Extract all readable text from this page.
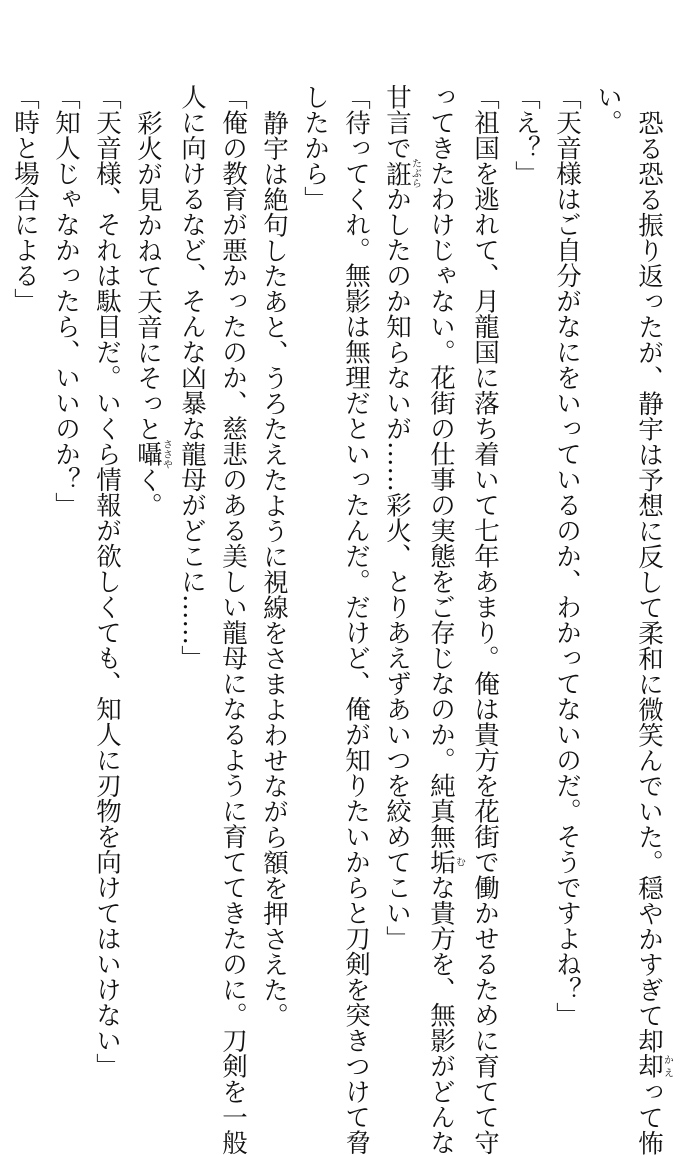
恐る恐る振り返ったが、静宇は予想に反して柔和に微笑んでいた。穏やかすぎて却却かえって怖
い。
「天音様はご自分がなにをいっているのか、わかってないのだ。そうですよね？」
「え？」
「祖国を逃れて、月龍国に落ち着いて七年あまり。俺は貴方を花街で働かせるために育てて守
ってきたわけじゃない。花街の仕事の実態をご存じなのか。純真無垢むな貴方を、無影がどんな
甘言で誑たぶらかしたのか知らないが……彩火、とりあえずあいつを絞めてこい」
「待ってくれ。無影は無理だといったんだ。だけど、俺が知りたいからと刀剣を突きつけて脅
したから」
静宇は絶句したあと、うろたえたように視線をさまよわせながら額を押さえた。
「俺の教育が悪かったのか、慈悲のある美しい龍母になるように育ててきたのに。刀剣を一般
人に向けるなど、そんな凶暴な龍母がどこに……」
彩火が見かねて天音にそっと囁ささやく。
「天音様、それは駄目だ。いくら情報が欲しくても、知人に刃物を向けてはいけない」
「知人じゃなかったら、いいのか？」
「時と場合による」
